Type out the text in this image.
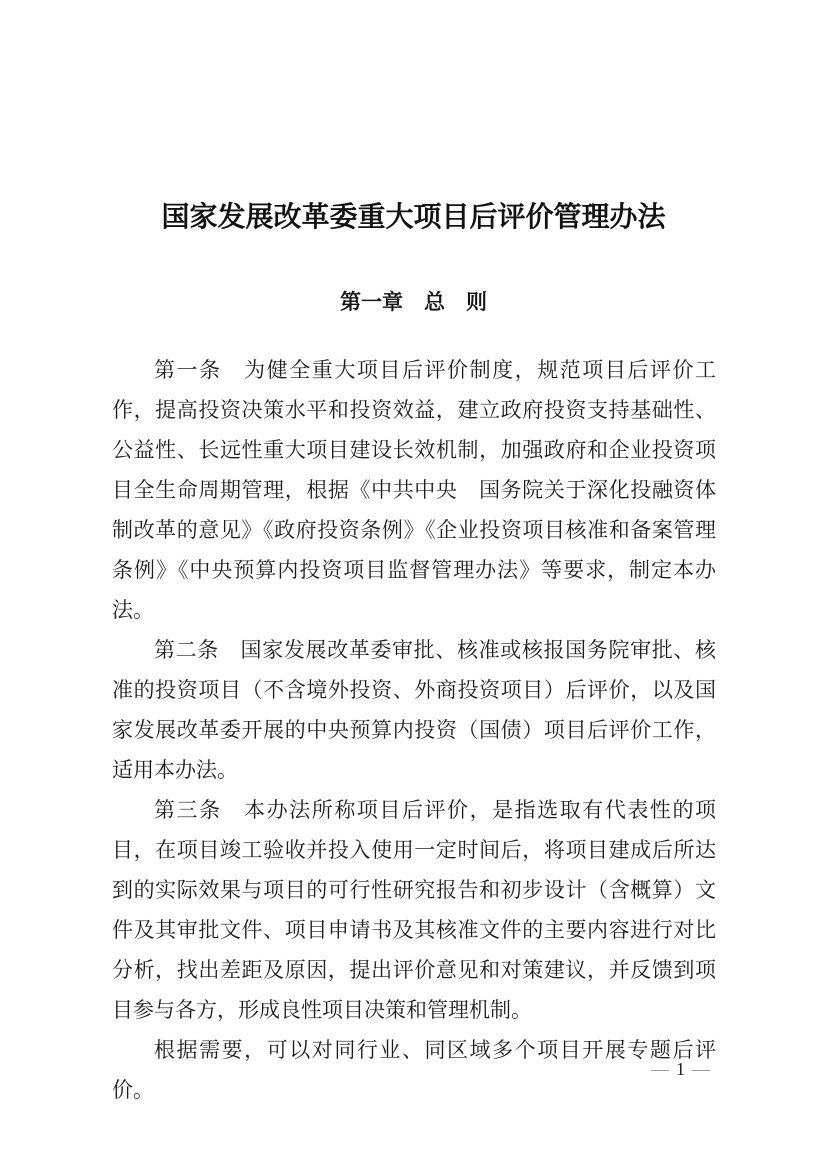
国家发展改革委重大项目后评价管理办法
第一章　总　则

第一条　为健全重大项目后评价制度，规范项目后评价工作，提高投资决策水平和投资效益，建立政府投资支持基础性、公益性、长远性重大项目建设长效机制，加强政府和企业投资项目全生命周期管理，根据《中共中央　国务院关于深化投融资体制改革的意见》《政府投资条例》《企业投资项目核准和备案管理条例》《中央预算内投资项目监督管理办法》等要求，制定本办法。

第二条　国家发展改革委审批、核准或核报国务院审批、核准的投资项目（不含境外投资、外商投资项目）后评价，以及国家发展改革委开展的中央预算内投资（国债）项目后评价工作，适用本办法。

第三条　本办法所称项目后评价，是指选取有代表性的项目，在项目竣工验收并投入使用一定时间后，将项目建成后所达到的实际效果与项目的可行性研究报告和初步设计（含概算）文件及其审批文件、项目申请书及其核准文件的主要内容进行对比分析，找出差距及原因，提出评价意见和对策建议，并反馈到项目参与各方，形成良性项目决策和管理机制。

根据需要，可以对同行业、同区域多个项目开展专题后评价。

— 1 —
